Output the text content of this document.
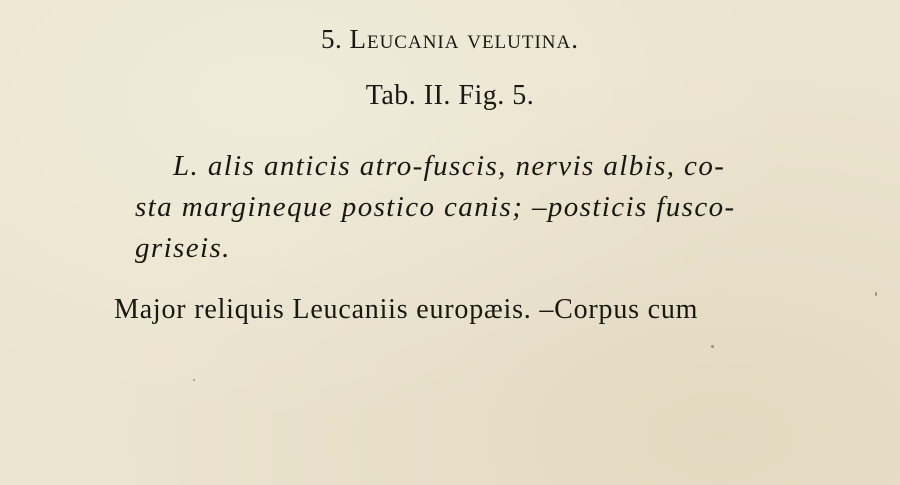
5. Leucania velutina.
Tab. II. Fig. 5.
L. alis anticis atro-fuscis, nervis albis, co-
sta margineque postico canis; –posticis fusco-
griseis.
Major reliquis Leucaniis europæis. –Corpus cum
